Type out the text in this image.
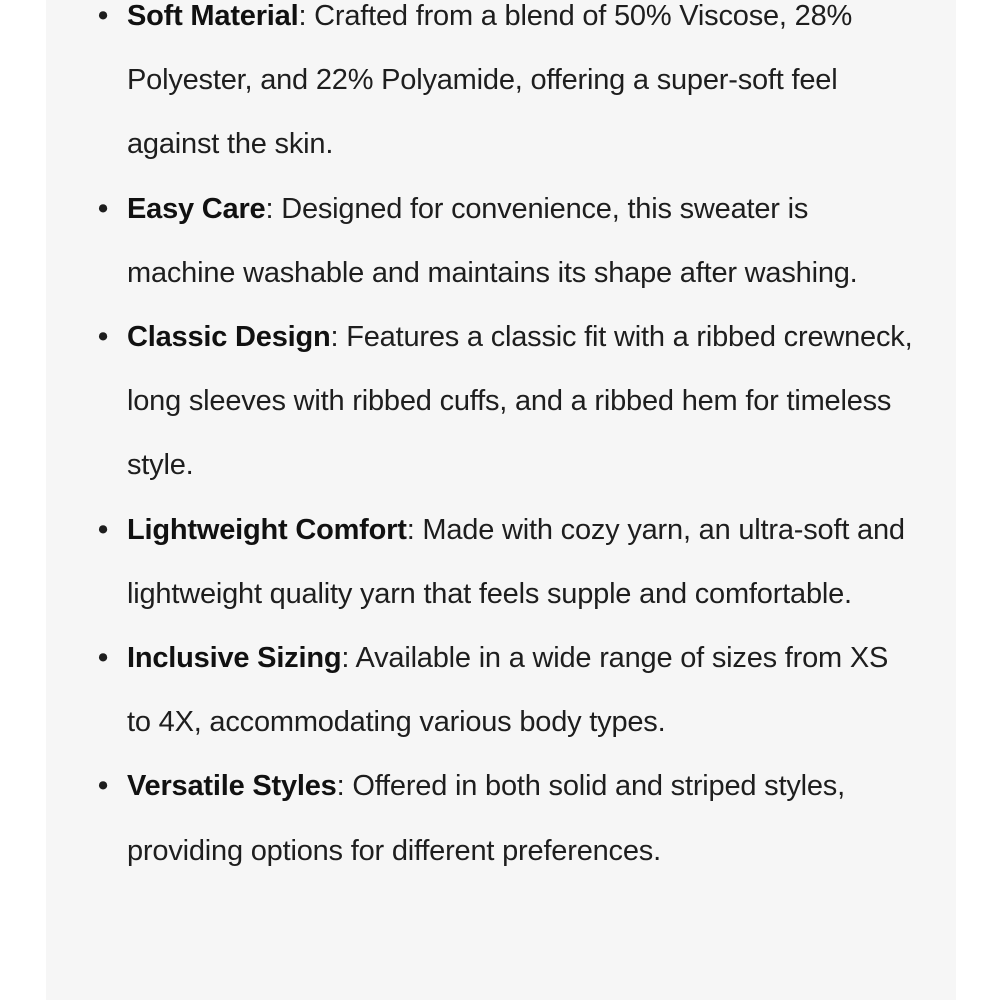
• Soft Material: Crafted from a blend of 50% Viscose, 28% Polyester, and 22% Polyamide, offering a super-soft feel against the skin.
• Easy Care: Designed for convenience, this sweater is machine washable and maintains its shape after washing.
• Classic Design: Features a classic fit with a ribbed crewneck, long sleeves with ribbed cuffs, and a ribbed hem for timeless style.
• Lightweight Comfort: Made with cozy yarn, an ultra-soft and lightweight quality yarn that feels supple and comfortable.
• Inclusive Sizing: Available in a wide range of sizes from XS to 4X, accommodating various body types.
• Versatile Styles: Offered in both solid and striped styles, providing options for different preferences.
